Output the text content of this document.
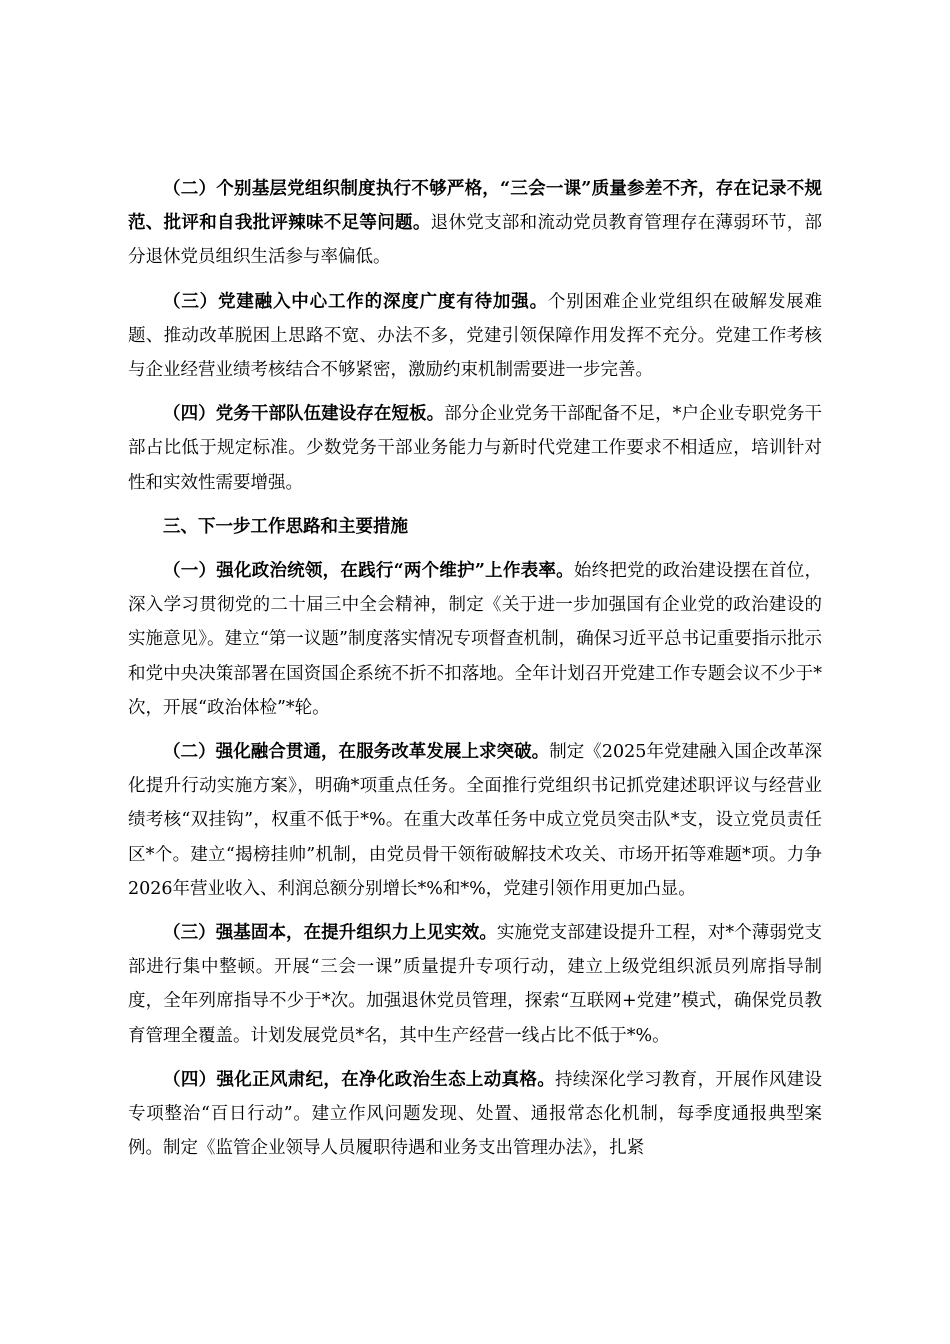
（二）个别基层党组织制度执行不够严格，“三会一课”质量参差不齐，存在记录不规范、批评和自我批评辣味不足等问题。退休党支部和流动党员教育管理存在薄弱环节，部分退休党员组织生活参与率偏低。

（三）党建融入中心工作的深度广度有待加强。个别困难企业党组织在破解发展难题、推动改革脱困上思路不宽、办法不多，党建引领保障作用发挥不充分。党建工作考核与企业经营业绩考核结合不够紧密，激励约束机制需要进一步完善。

（四）党务干部队伍建设存在短板。部分企业党务干部配备不足，*户企业专职党务干部占比低于规定标准。少数党务干部业务能力与新时代党建工作要求不相适应，培训针对性和实效性需要增强。

三、下一步工作思路和主要措施

（一）强化政治统领，在践行“两个维护”上作表率。始终把党的政治建设摆在首位，深入学习贯彻党的二十届三中全会精神，制定《关于进一步加强国有企业党的政治建设的实施意见》。建立“第一议题”制度落实情况专项督查机制，确保习近平总书记重要指示批示和党中央决策部署在国资国企系统不折不扣落地。全年计划召开党建工作专题会议不少于*次，开展“政治体检”*轮。

（二）强化融合贯通，在服务改革发展上求突破。制定《2025年党建融入国企改革深化提升行动实施方案》，明确*项重点任务。全面推行党组织书记抓党建述职评议与经营业绩考核“双挂钩”，权重不低于*%。在重大改革任务中成立党员突击队*支，设立党员责任区*个。建立“揭榜挂帅”机制，由党员骨干领衔破解技术攻关、市场开拓等难题*项。力争2026年营业收入、利润总额分别增长*%和*%，党建引领作用更加凸显。

（三）强基固本，在提升组织力上见实效。实施党支部建设提升工程，对*个薄弱党支部进行集中整顿。开展“三会一课”质量提升专项行动，建立上级党组织派员列席指导制度，全年列席指导不少于*次。加强退休党员管理，探索“互联网+党建”模式，确保党员教育管理全覆盖。计划发展党员*名，其中生产经营一线占比不低于*%。

（四）强化正风肃纪，在净化政治生态上动真格。持续深化学习教育，开展作风建设专项整治“百日行动”。建立作风问题发现、处置、通报常态化机制，每季度通报典型案例。制定《监管企业领导人员履职待遇和业务支出管理办法》，扎紧
